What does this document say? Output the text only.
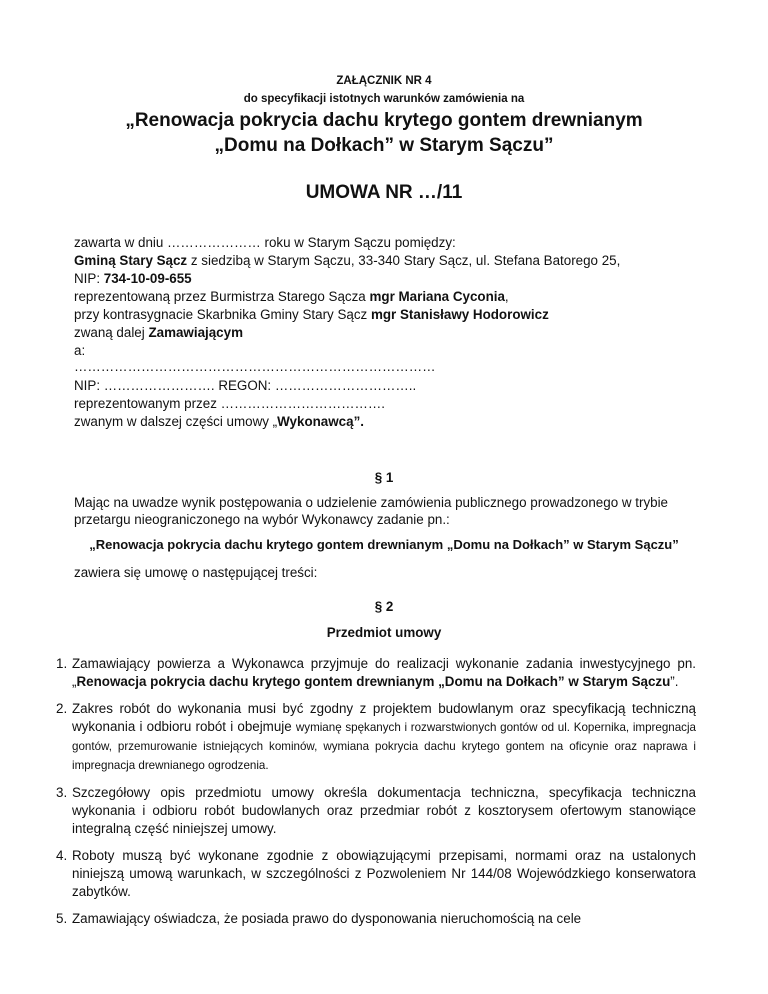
ZAŁĄCZNIK NR 4
do specyfikacji istotnych warunków zamówienia na
„Renowacja pokrycia dachu krytego gontem drewnianym
„Domu na Dołkach” w Starym Sączu”
UMOWA NR …/11
zawarta w dniu ………………… roku w Starym Sączu pomiędzy:
Gminą Stary Sącz z siedzibą w Starym Sączu, 33-340 Stary Sącz, ul. Stefana Batorego 25,
NIP: 734-10-09-655
reprezentowaną przez Burmistrza Starego Sącza mgr Mariana Cyconia,
przy kontrasygnacie Skarbnika Gminy Stary Sącz mgr Stanisławy Hodorowicz
zwaną dalej Zamawiającym
a:
………………………………………………………………………
NIP: ……………………. REGON: …………………………..
reprezentowanym przez ……………………………….
zwanym w dalszej części umowy „Wykonawcą”.
§ 1
Mając na uwadze wynik postępowania o udzielenie zamówienia publicznego prowadzonego w trybie przetargu nieograniczonego na wybór Wykonawcy zadanie pn.:
„Renowacja pokrycia dachu krytego gontem drewnianym „Domu na Dołkach” w Starym Sączu”
zawiera się umowę o następującej treści:
§ 2
Przedmiot umowy
1. Zamawiający powierza a Wykonawca przyjmuje do realizacji wykonanie zadania inwestycyjnego pn. „Renowacja pokrycia dachu krytego gontem drewnianym „Domu na Dołkach” w Starym Sączu”.
2. Zakres robót do wykonania musi być zgodny z projektem budowlanym oraz specyfikacją techniczną wykonania i odbioru robót i obejmuje wymianę spękanych i rozwarstwionych gontów od ul. Kopernika, impregnacja gontów, przemurowanie istniejących kominów, wymiana pokrycia dachu krytego gontem na oficynie oraz naprawa i impregnacja drewnianego ogrodzenia.
3. Szczegółowy opis przedmiotu umowy określa dokumentacja techniczna, specyfikacja techniczna wykonania i odbioru robót budowlanych oraz przedmiar robót z kosztorysem ofertowym stanowiące integralną część niniejszej umowy.
4. Roboty muszą być wykonane zgodnie z obowiązującymi przepisami, normami oraz na ustalonych niniejszą umową warunkach, w szczególności z Pozwoleniem Nr 144/08 Wojewódzkiego konserwatora zabytków.
5. Zamawiający oświadcza, że posiada prawo do dysponowania nieruchomością na cele
